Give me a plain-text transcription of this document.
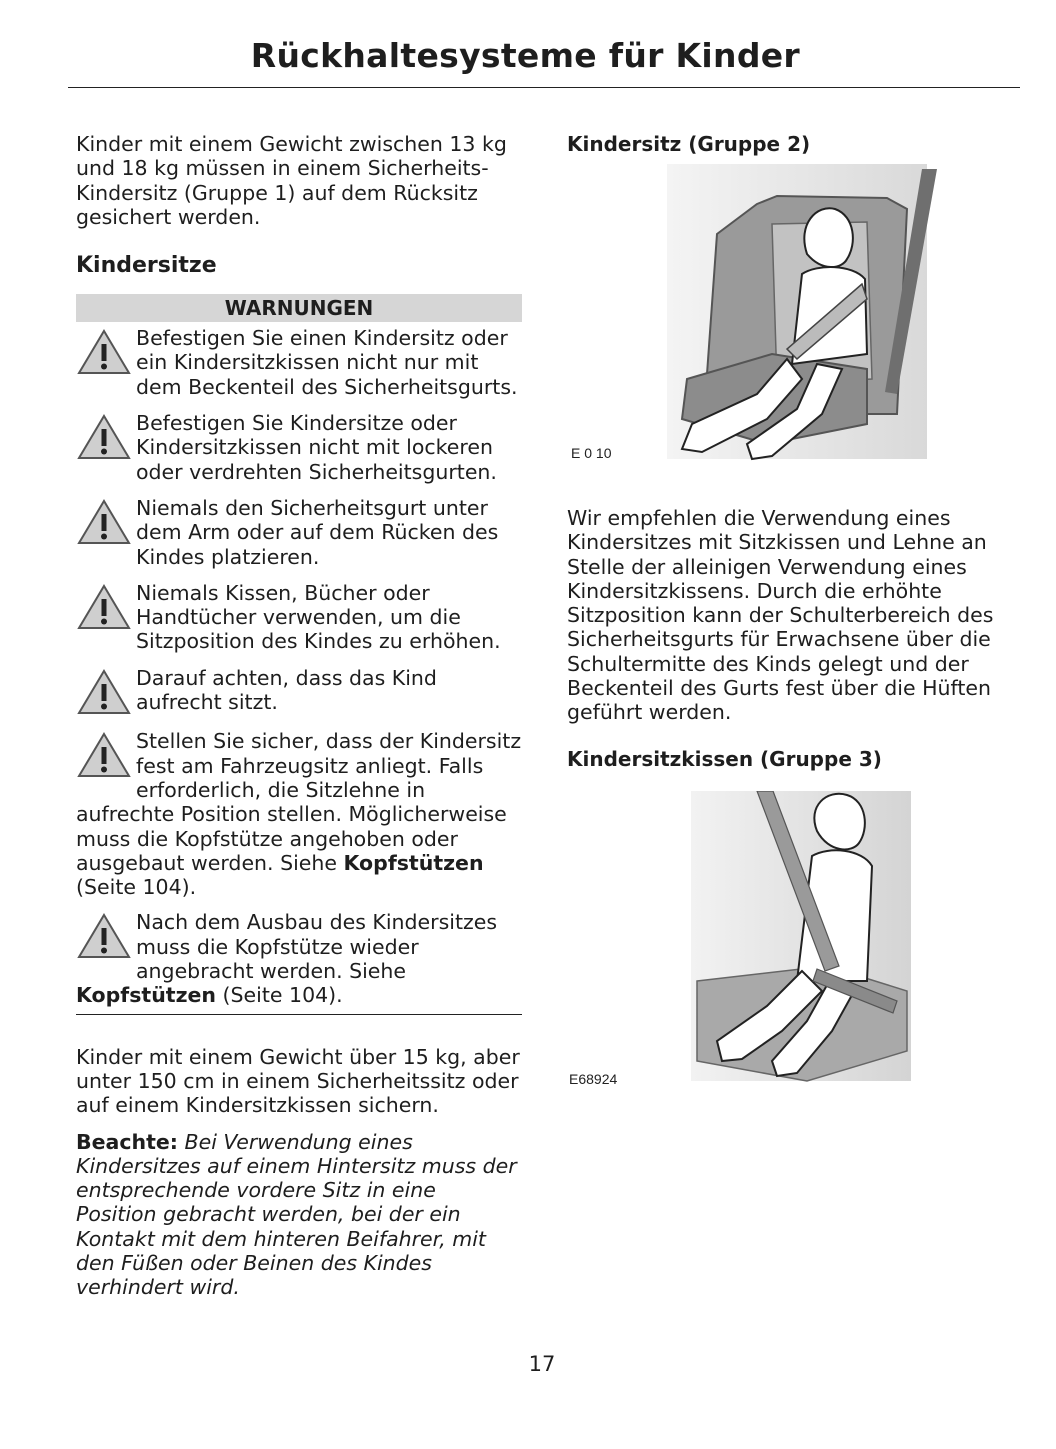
Rückhaltesysteme für Kinder

Kinder mit einem Gewicht zwischen 13 kg und 18 kg müssen in einem Sicherheits-Kindersitz (Gruppe 1) auf dem Rücksitz gesichert werden.

Kindersitze

WARNUNGEN
Befestigen Sie einen Kindersitz oder ein Kindersitzkissen nicht nur mit dem Beckenteil des Sicherheitsgurts.
Befestigen Sie Kindersitze oder Kindersitzkissen nicht mit lockeren oder verdrehten Sicherheitsgurten.
Niemals den Sicherheitsgurt unter dem Arm oder auf dem Rücken des Kindes platzieren.
Niemals Kissen, Bücher oder Handtücher verwenden, um die Sitzposition des Kindes zu erhöhen.
Darauf achten, dass das Kind aufrecht sitzt.
Stellen Sie sicher, dass der Kindersitz
fest am Fahrzeugsitz anliegt. Falls
erforderlich, die Sitzlehne in
aufrechte Position stellen. Möglicherweise muss die Kopfstütze angehoben oder ausgebaut werden. Siehe Kopfstützen
(Seite 104).
Nach dem Ausbau des Kindersitzes
muss die Kopfstütze wieder
angebracht werden. Siehe
Kopfstützen (Seite 104).

Kinder mit einem Gewicht über 15 kg, aber unter 150 cm in einem Sicherheitssitz oder auf einem Kindersitzkissen sichern.

Beachte: Bei Verwendung eines Kindersitzes auf einem Hintersitz muss der entsprechende vordere Sitz in eine Position gebracht werden, bei der ein Kontakt mit dem hinteren Beifahrer, mit den Füßen oder Beinen des Kindes verhindert wird.

Kindersitz (Gruppe 2)

E 0 10

Wir empfehlen die Verwendung eines Kindersitzes mit Sitzkissen und Lehne an Stelle der alleinigen Verwendung eines Kindersitzkissens. Durch die erhöhte Sitzposition kann der Schulterbereich des Sicherheitsgurts für Erwachsene über die Schultermitte des Kinds gelegt und der Beckenteil des Gurts fest über die Hüften geführt werden.

Kindersitzkissen (Gruppe 3)

E68924
17
